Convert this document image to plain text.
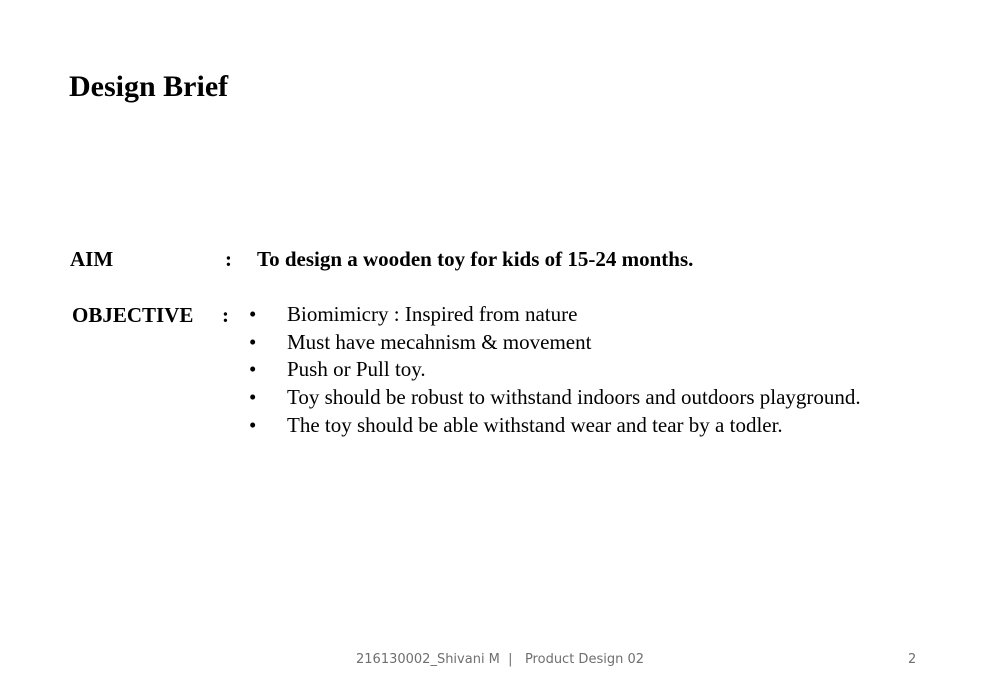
Design Brief
AIM	: To design a wooden toy for kids of 15-24 months.
OBJECTIVE : • Biomimicry : Inspired from nature
• Must have mecahnism & movement
• Push or Pull toy.
• Toy should be robust to withstand indoors and outdoors playground.
• The toy should be able withstand wear and tear by a todler.
216130002_Shivani M  |   Product Design 02	2
